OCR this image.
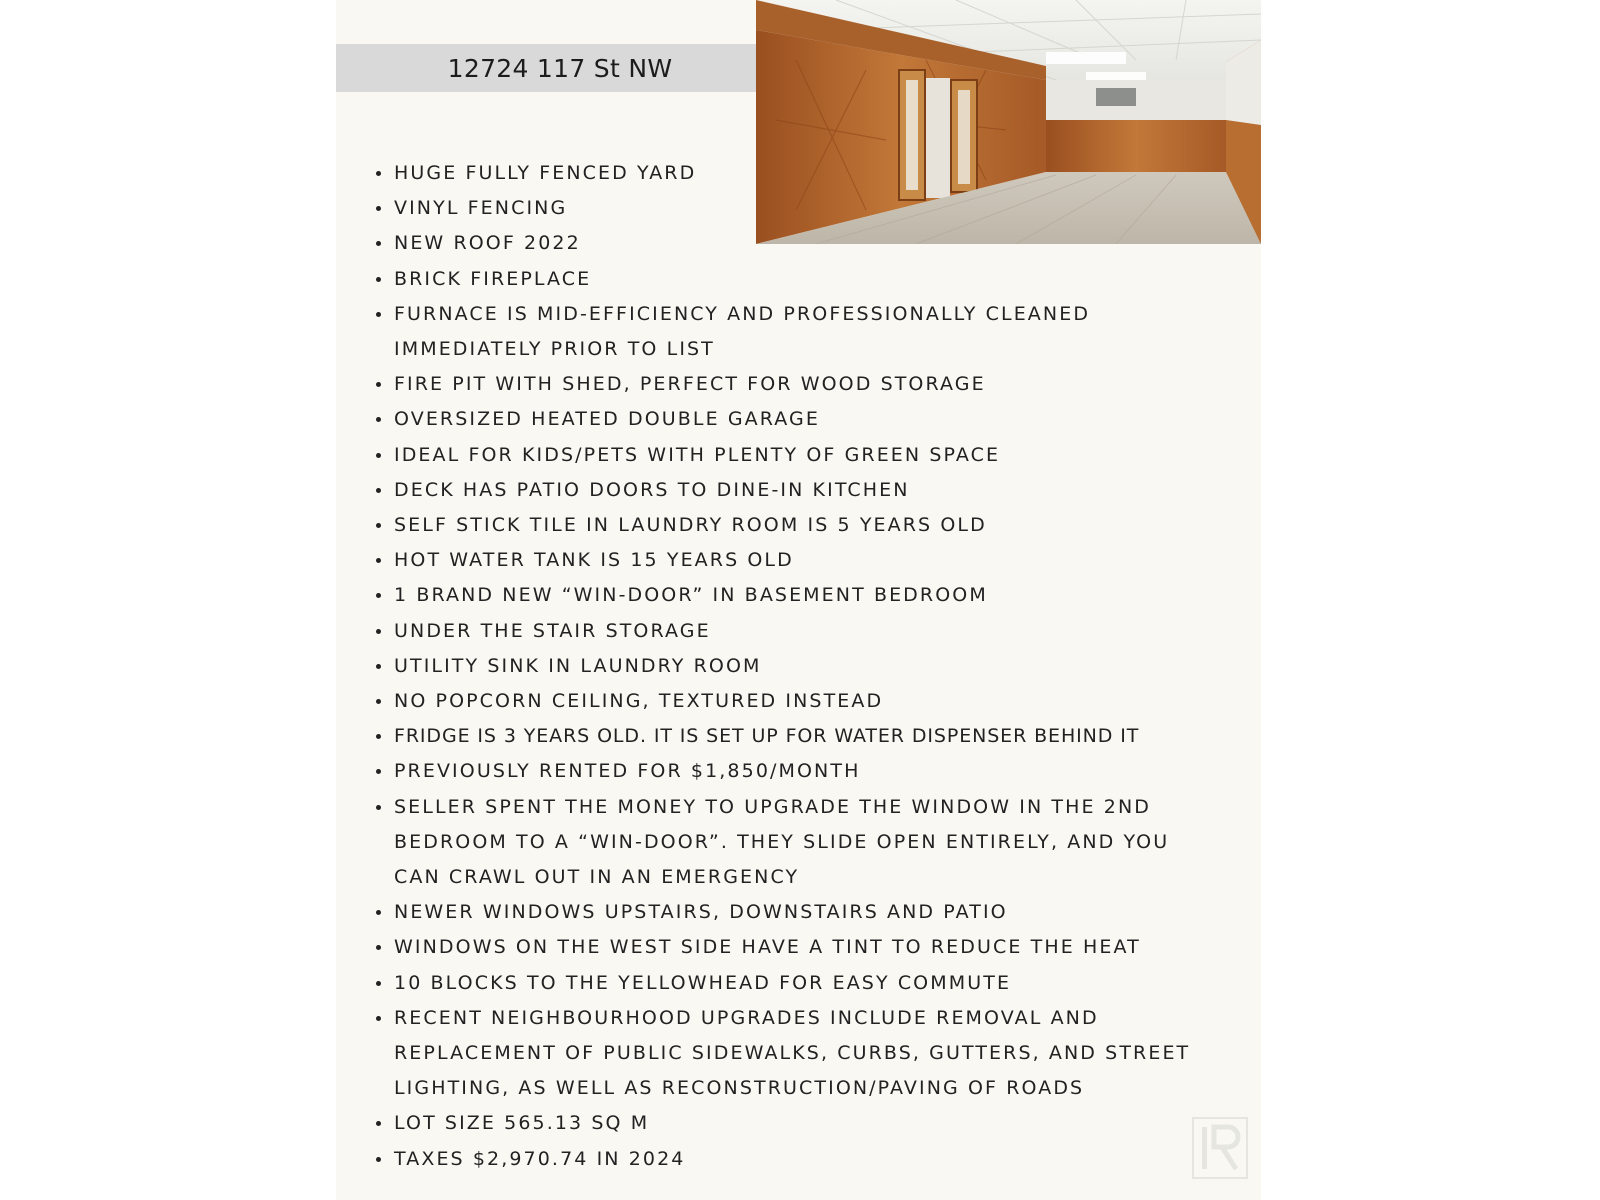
12724 117 St NW
HUGE FULLY FENCED YARD
VINYL FENCING
NEW ROOF 2022
BRICK FIREPLACE
FURNACE IS MID-EFFICIENCY AND PROFESSIONALLY CLEANED IMMEDIATELY PRIOR TO LIST
FIRE PIT WITH SHED, PERFECT FOR WOOD STORAGE
OVERSIZED HEATED DOUBLE GARAGE
IDEAL FOR KIDS/PETS WITH PLENTY OF GREEN SPACE
DECK HAS PATIO DOORS TO DINE-IN KITCHEN
SELF STICK TILE IN LAUNDRY ROOM IS 5 YEARS OLD
HOT WATER TANK IS 15 YEARS OLD
1 BRAND NEW “WIN-DOOR” IN BASEMENT BEDROOM
UNDER THE STAIR STORAGE
UTILITY SINK IN LAUNDRY ROOM
NO POPCORN CEILING, TEXTURED INSTEAD
FRIDGE IS 3 YEARS OLD. IT IS SET UP FOR WATER DISPENSER BEHIND IT
PREVIOUSLY RENTED FOR $1,850/MONTH
SELLER SPENT THE MONEY TO UPGRADE THE WINDOW IN THE 2ND BEDROOM TO A “WIN-DOOR”. THEY SLIDE OPEN ENTIRELY, AND YOU CAN CRAWL OUT IN AN EMERGENCY
NEWER WINDOWS UPSTAIRS, DOWNSTAIRS AND PATIO
WINDOWS ON THE WEST SIDE HAVE A TINT TO REDUCE THE HEAT
10 BLOCKS TO THE YELLOWHEAD FOR EASY COMMUTE
RECENT NEIGHBOURHOOD UPGRADES INCLUDE REMOVAL AND REPLACEMENT OF PUBLIC SIDEWALKS, CURBS, GUTTERS, AND STREET LIGHTING, AS WELL AS RECONSTRUCTION/PAVING OF ROADS
LOT SIZE 565.13 SQ M
TAXES $2,970.74 IN 2024
